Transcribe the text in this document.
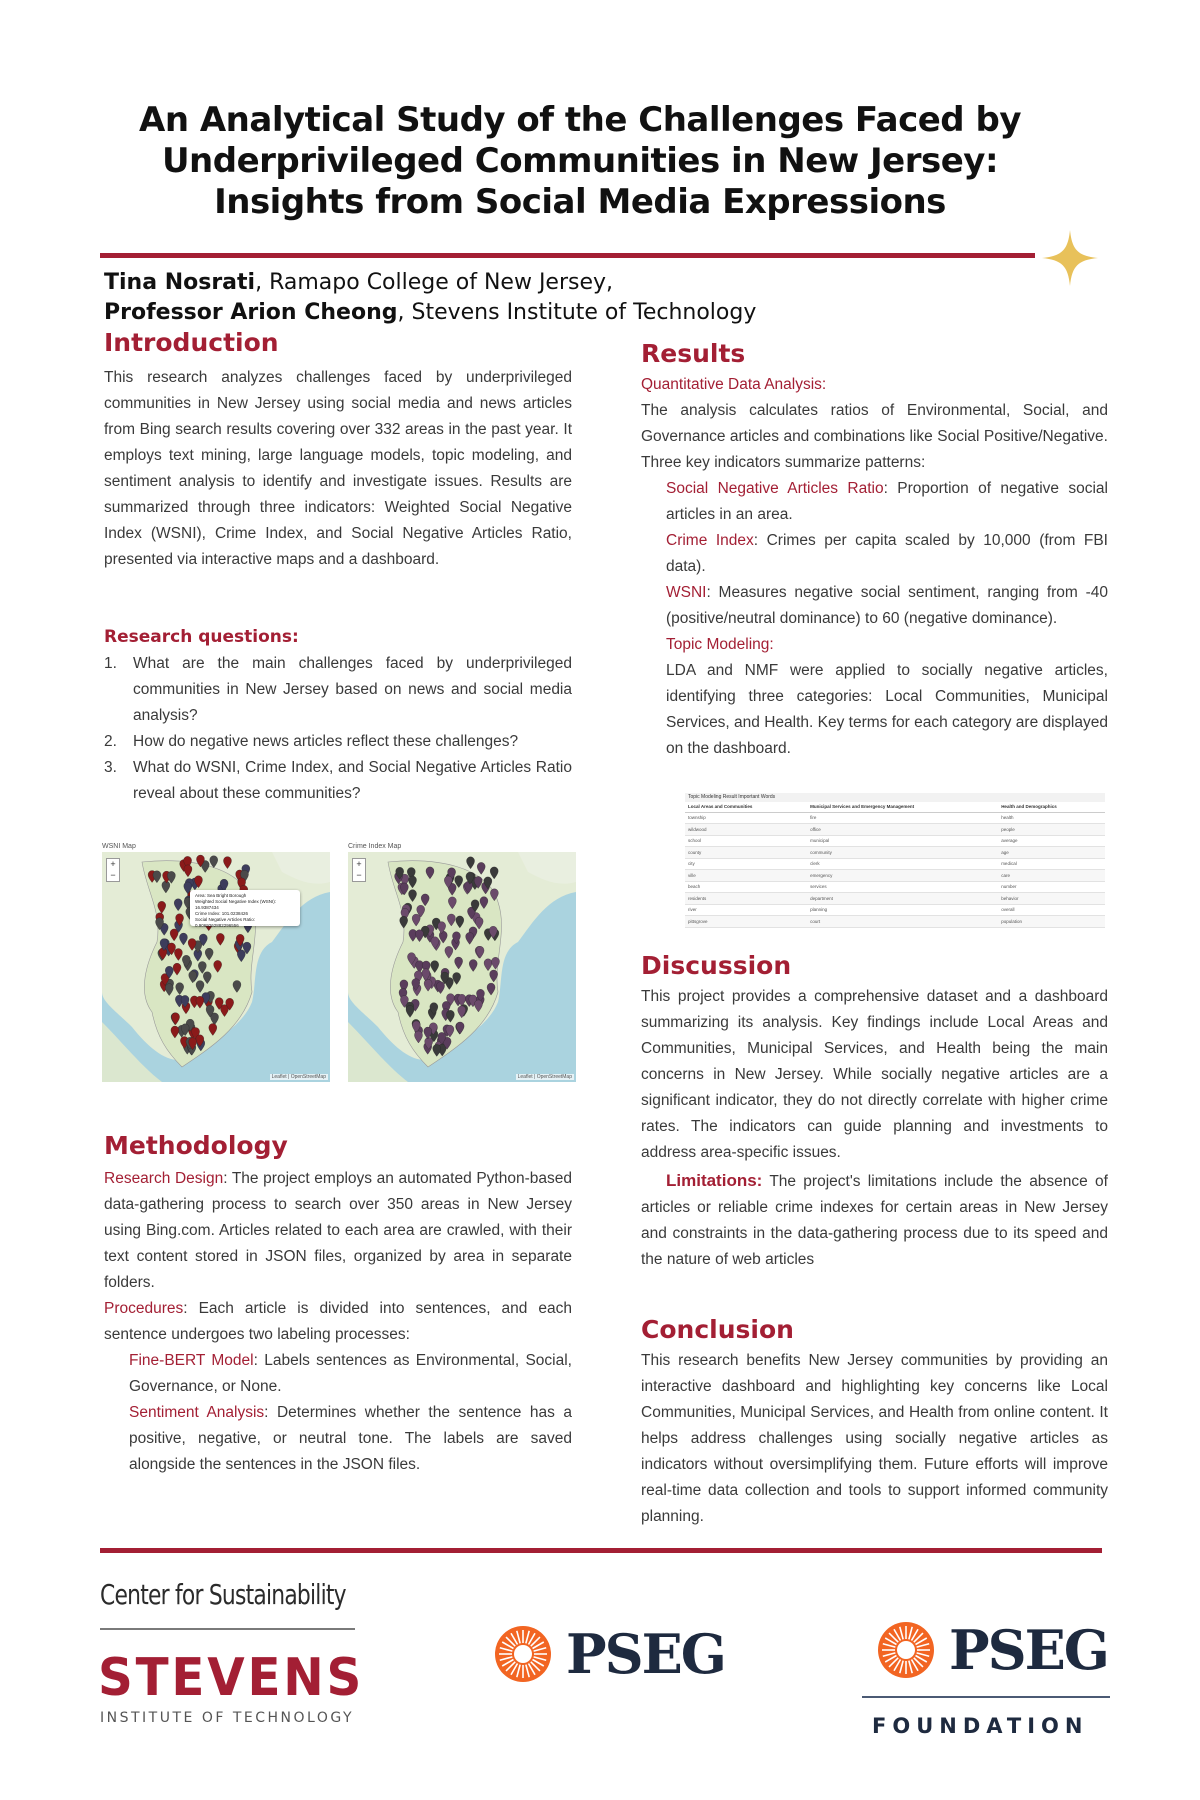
An Analytical Study of the Challenges Faced by
Underprivileged Communities in New Jersey:
Insights from Social Media Expressions
Tina Nosrati, Ramapo College of New Jersey,
Professor Arion Cheong, Stevens Institute of Technology
Introduction

This research analyzes challenges faced by underprivileged communities in New Jersey using social media and news articles from Bing search results covering over 332 areas in the past year. It employs text mining, large language models, topic modeling, and sentiment analysis to identify and investigate issues. Results are summarized through three indicators: Weighted Social Negative Index (WSNI), Crime Index, and Social Negative Articles Ratio, presented via interactive maps and a dashboard.

Research questions:
1. What are the main challenges faced by underprivileged communities in New Jersey based on news and social media analysis?
2. How do negative news articles reflect these challenges?
3. What do WSNI, Crime Index, and Social Negative Articles Ratio reveal about these communities?
WSNI Map
+
−
Area: Sea Bright Borough
Weighted Social Negative Index (WSNI): 16.9387434
Crime Index: 101.0238426
Social Negative Articles Ratio: 0.9069262882296556
Leaflet | OpenStreetMap
Crime Index Map
+
−
Leaflet | OpenStreetMap
Methodology

Research Design: The project employs an automated Python-based data-gathering process to search over 350 areas in New Jersey using Bing.com. Articles related to each area are crawled, with their text content stored in JSON files, organized by area in separate folders.

Procedures: Each article is divided into sentences, and each sentence undergoes two labeling processes:

Fine-BERT Model: Labels sentences as Environmental, Social, Governance, or None.

Sentiment Analysis: Determines whether the sentence has a positive, negative, or neutral tone. The labels are saved alongside the sentences in the JSON files.

Results

Quantitative Data Analysis:

The analysis calculates ratios of Environmental, Social, and Governance articles and combinations like Social Positive/Negative. Three key indicators summarize patterns:

Social Negative Articles Ratio: Proportion of negative social articles in an area.

Crime Index: Crimes per capita scaled by 10,000 (from FBI data).

WSNI: Measures negative social sentiment, ranging from -40 (positive/neutral dominance) to 60 (negative dominance).

Topic Modeling:

LDA and NMF were applied to socially negative articles, identifying three categories: Local Communities, Municipal Services, and Health. Key terms for each category are displayed on the dashboard.

Topic Modeling Result Important Words
Local Areas and Communities	Municipal Services and Emergency Management	Health and Demographics
township	fire	health
wildwood	office	people
school	municipal	average
county	community	age
city	clerk	medical
ville	emergency	care
beach	services	number
residents	department	behavior
river	planning	overall
pittsgrove	court	population
Discussion

This project provides a comprehensive dataset and a dashboard summarizing its analysis. Key findings include Local Areas and Communities, Municipal Services, and Health being the main concerns in New Jersey. While socially negative articles are a significant indicator, they do not directly correlate with higher crime rates. The indicators can guide planning and investments to address area-specific issues.

Limitations: The project's limitations include the absence of articles or reliable crime indexes for certain areas in New Jersey and constraints in the data-gathering process due to its speed and the nature of web articles

Conclusion

This research benefits New Jersey communities by providing an interactive dashboard and highlighting key concerns like Local Communities, Municipal Services, and Health from online content. It helps address challenges using socially negative articles as indicators without oversimplifying them. Future efforts will improve real-time data collection and tools to support informed community planning.

Center for Sustainability
STEVENS
INSTITUTE OF TECHNOLOGY
PSEG	PSEG
FOUNDATION
